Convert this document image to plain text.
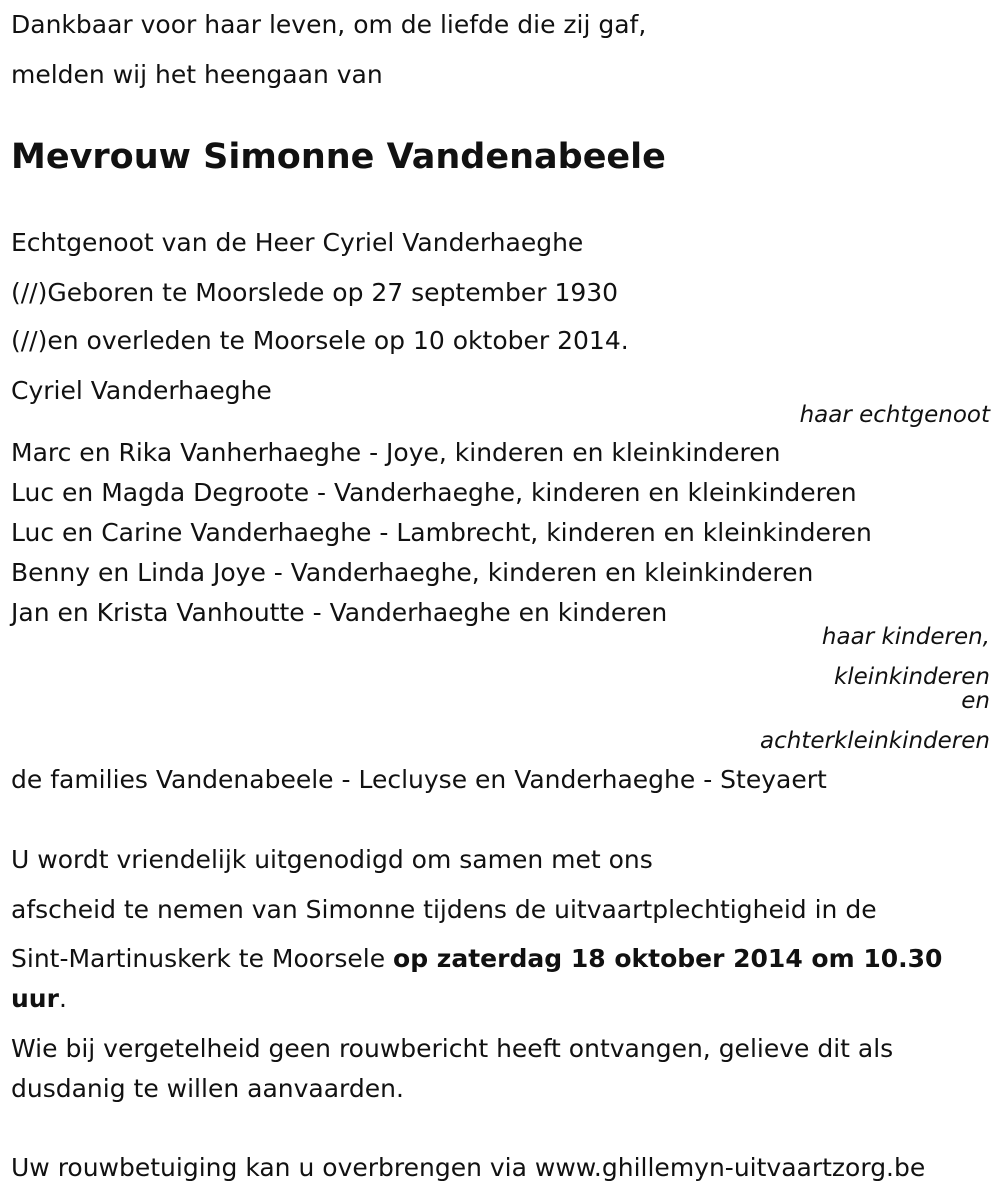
Dankbaar voor haar leven, om de liefde die zij gaf,

melden wij het heengaan van

Mevrouw Simonne Vandenabeele

Echtgenoot van de Heer Cyriel Vanderhaeghe

(//)Geboren te Moorslede op 27 september 1930

(//)en overleden te Moorsele op 10 oktober 2014.

Cyriel Vanderhaeghe

haar echtgenoot

Marc en Rika Vanherhaeghe - Joye, kinderen en kleinkinderen

Luc en Magda Degroote - Vanderhaeghe, kinderen en kleinkinderen

Luc en Carine Vanderhaeghe - Lambrecht, kinderen en kleinkinderen

Benny en Linda Joye - Vanderhaeghe, kinderen en kleinkinderen

Jan en Krista Vanhoutte - Vanderhaeghe en kinderen

haar kinderen,
kleinkinderen
en
achterkleinkinderen

de families Vandenabeele - Lecluyse en Vanderhaeghe - Steyaert

U wordt vriendelijk uitgenodigd om samen met ons

afscheid te nemen van Simonne tijdens de uitvaartplechtigheid in de

Sint-Martinuskerk te Moorsele op zaterdag 18 oktober 2014 om 10.30

uur.

Wie bij vergetelheid geen rouwbericht heeft ontvangen, gelieve dit als

dusdanig te willen aanvaarden.

Uw rouwbetuiging kan u overbrengen via www.ghillemyn-uitvaartzorg.be
